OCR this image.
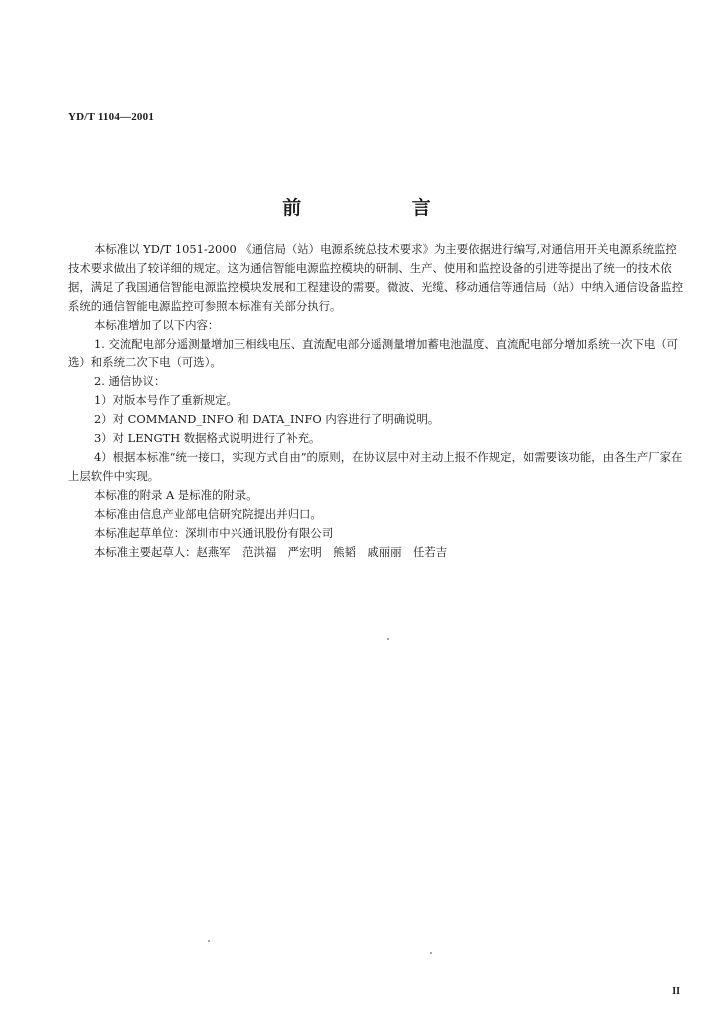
YD/T 1104—2001
前 言

本标准以 YD/T 1051-2000 《通信局（站）电源系统总技术要求》为主要依据进行编写,对通信用开关电源系统监控技术要求做出了较详细的规定。这为通信智能电源监控模块的研制、生产、使用和监控设备的引进等提出了统一的技术依据，满足了我国通信智能电源监控模块发展和工程建设的需要。微波、光缆、移动通信等通信局（站）中纳入通信设备监控系统的通信智能电源监控可参照本标准有关部分执行。

本标准增加了以下内容：

1. 交流配电部分遥测量增加三相线电压、直流配电部分遥测量增加蓄电池温度、直流配电部分增加系统一次下电（可选）和系统二次下电（可选）。

2. 通信协议：

1）对版本号作了重新规定。

2）对 COMMAND_INFO 和 DATA_INFO 内容进行了明确说明。

3）对 LENGTH 数据格式说明进行了补充。

4）根据本标准“统一接口，实现方式自由”的原则，在协议层中对主动上报不作规定，如需要该功能，由各生产厂家在上层软件中实现。

本标准的附录 A 是标准的附录。

本标准由信息产业部电信研究院提出并归口。

本标准起草单位：深圳市中兴通讯股份有限公司

本标准主要起草人：赵燕军　范洪福　严宏明　熊韬　戚丽丽　任若吉

II
